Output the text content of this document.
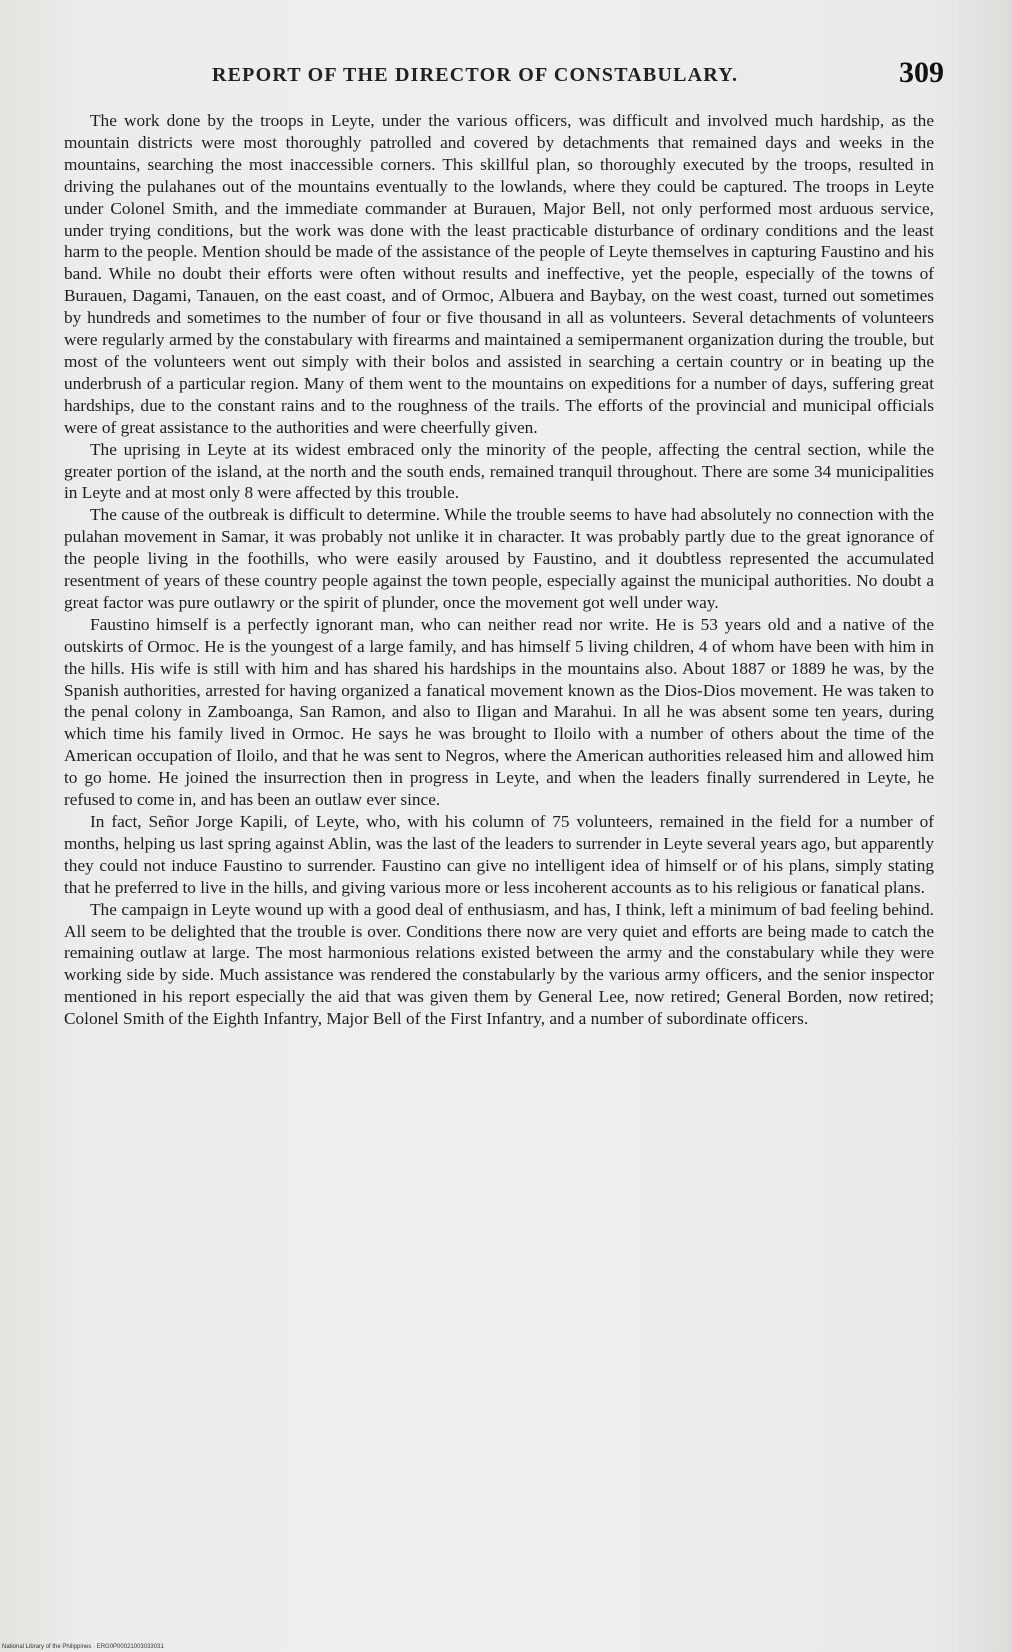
REPORT OF THE DIRECTOR OF CONSTABULARY.	309

The work done by the troops in Leyte, under the various officers, was difficult and involved much hardship, as the mountain districts were most thoroughly patrolled and covered by detachments that remained days and weeks in the mountains, searching the most inaccessible corners. This skillful plan, so thoroughly executed by the troops, resulted in driving the pulahanes out of the mountains eventually to the lowlands, where they could be captured. The troops in Leyte under Colonel Smith, and the immediate commander at Burauen, Major Bell, not only performed most arduous service, under trying conditions, but the work was done with the least practicable disturbance of ordinary conditions and the least harm to the people. Mention should be made of the assistance of the people of Leyte themselves in capturing Faustino and his band. While no doubt their efforts were often without results and ineffective, yet the people, especially of the towns of Burauen, Dagami, Tanauen, on the east coast, and of Ormoc, Albuera and Baybay, on the west coast, turned out sometimes by hundreds and sometimes to the number of four or five thousand in all as volunteers. Several detachments of volunteers were regularly armed by the constabulary with firearms and maintained a semipermanent organization during the trouble, but most of the volunteers went out simply with their bolos and assisted in searching a certain country or in beating up the underbrush of a particular region. Many of them went to the mountains on expeditions for a number of days, suffering great hardships, due to the constant rains and to the roughness of the trails. The efforts of the provincial and municipal officials were of great assistance to the authorities and were cheerfully given.

The uprising in Leyte at its widest embraced only the minority of the people, affecting the central section, while the greater portion of the island, at the north and the south ends, remained tranquil throughout. There are some 34 municipalities in Leyte and at most only 8 were affected by this trouble.

The cause of the outbreak is difficult to determine. While the trouble seems to have had absolutely no connection with the pulahan movement in Samar, it was probably not unlike it in character. It was probably partly due to the great ignorance of the people living in the foothills, who were easily aroused by Faustino, and it doubtless represented the accumulated resentment of years of these country people against the town people, especially against the municipal authorities. No doubt a great factor was pure outlawry or the spirit of plunder, once the movement got well under way.

Faustino himself is a perfectly ignorant man, who can neither read nor write. He is 53 years old and a native of the outskirts of Ormoc. He is the youngest of a large family, and has himself 5 living children, 4 of whom have been with him in the hills. His wife is still with him and has shared his hardships in the mountains also. About 1887 or 1889 he was, by the Spanish authorities, arrested for having organized a fanatical movement known as the Dios-Dios movement. He was taken to the penal colony in Zamboanga, San Ramon, and also to Iligan and Marahui. In all he was absent some ten years, during which time his family lived in Ormoc. He says he was brought to Iloilo with a number of others about the time of the American occupation of Iloilo, and that he was sent to Negros, where the American authorities released him and allowed him to go home. He joined the insurrection then in progress in Leyte, and when the leaders finally surrendered in Leyte, he refused to come in, and has been an outlaw ever since.

In fact, Señor Jorge Kapili, of Leyte, who, with his column of 75 volunteers, remained in the field for a number of months, helping us last spring against Ablin, was the last of the leaders to surrender in Leyte several years ago, but apparently they could not induce Faustino to surrender. Faustino can give no intelligent idea of himself or of his plans, simply stating that he preferred to live in the hills, and giving various more or less incoherent accounts as to his religious or fanatical plans.

The campaign in Leyte wound up with a good deal of enthusiasm, and has, I think, left a minimum of bad feeling behind. All seem to be delighted that the trouble is over. Conditions there now are very quiet and efforts are being made to catch the remaining outlaw at large. The most harmonious relations existed between the army and the constabulary while they were working side by side. Much assistance was rendered the constabularly by the various army officers, and the senior inspector mentioned in his report especially the aid that was given them by General Lee, now retired; General Borden, now retired; Colonel Smith of the Eighth Infantry, Major Bell of the First Infantry, and a number of subordinate officers.

National Library of the Philippines · ERG0P00021003033031
